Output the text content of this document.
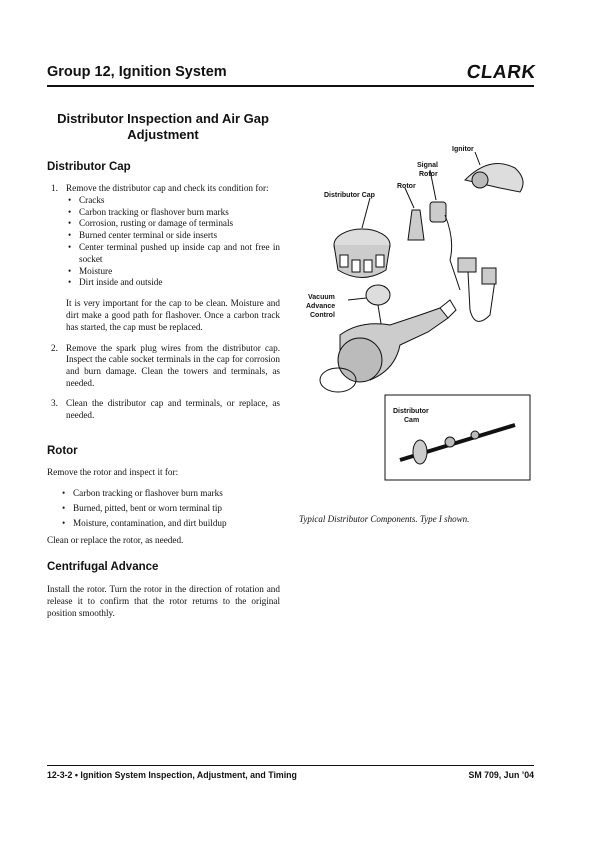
Group 12, Ignition System	CLARK
Distributor Inspection and Air Gap Adjustment
Distributor Cap
1. Remove the distributor cap and check its condition for:
• Cracks
• Carbon tracking or flashover burn marks
• Corrosion, rusting or damage of terminals
• Burned center terminal or side inserts
• Center terminal pushed up inside cap and not free in socket
• Moisture
• Dirt inside and outside
It is very important for the cap to be clean. Moisture and dirt make a good path for flashover. Once a carbon track has started, the cap must be replaced.
2. Remove the spark plug wires from the distributor cap. Inspect the cable socket terminals in the cap for corrosion and burn damage. Clean the towers and terminals, as needed.
3. Clean the distributor cap and terminals, or replace, as needed.
Rotor
Remove the rotor and inspect it for:
• Carbon tracking or flashover burn marks
• Burned, pitted, bent or worn terminal tip
• Moisture, contamination, and dirt buildup
Clean or replace the rotor, as needed.
Centrifugal Advance
Install the rotor. Turn the rotor in the direction of rotation and release it to confirm that the rotor returns to the original position smoothly.
Ignitor
Signal
Rotor
Rotor
Distributor Cap
Vacuum
Advance
Control
Distributor
Cam
Typical Distributor Components. Type I shown.
12-3-2 • Ignition System Inspection, Adjustment, and Timing	SM 709, Jun ’04
